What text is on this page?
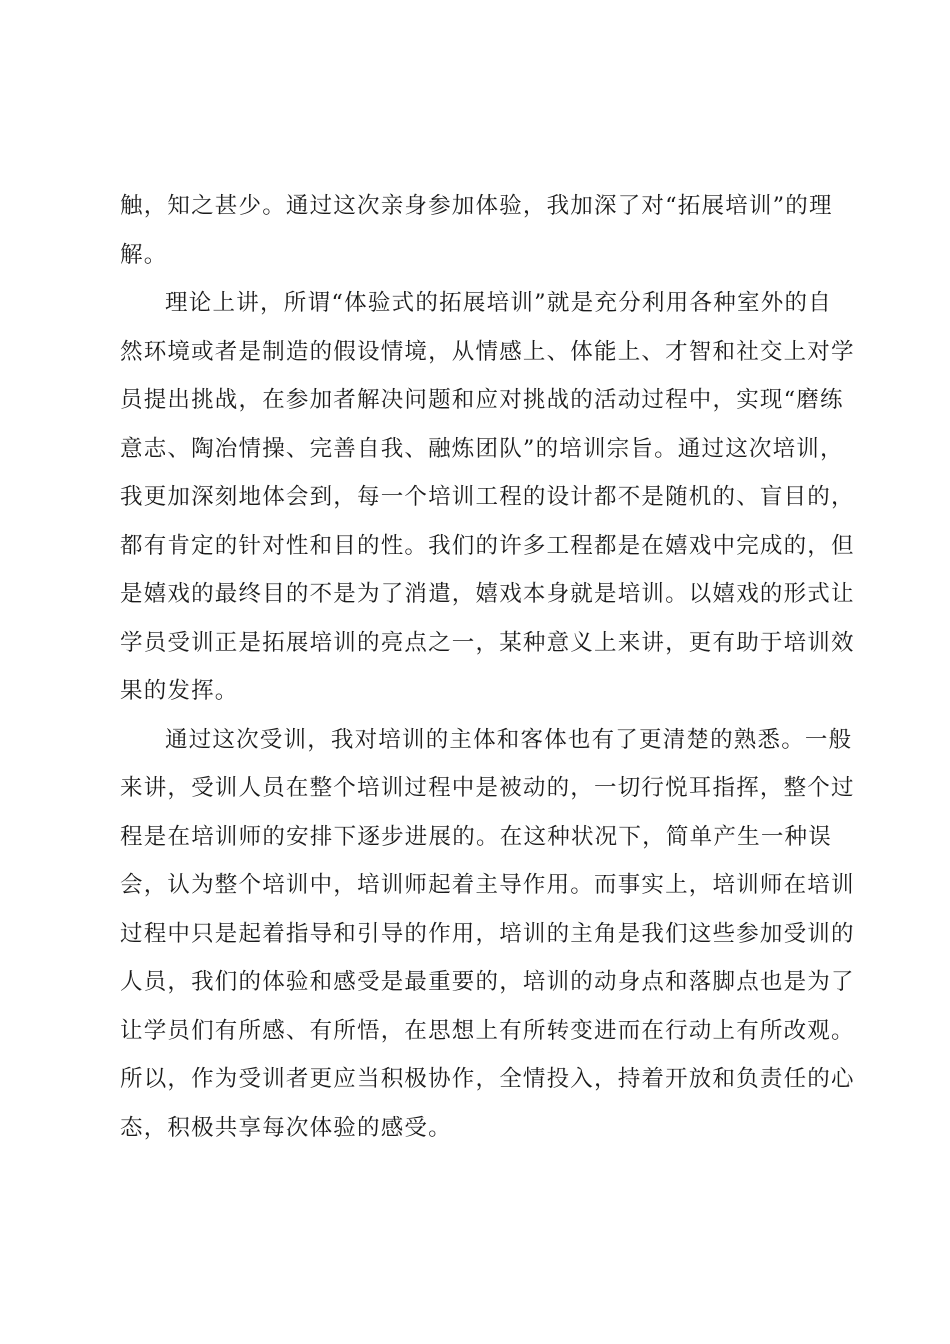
触，知之甚少。通过这次亲身参加体验，我加深了对“拓展培训”的理
解。
理论上讲，所谓“体验式的拓展培训”就是充分利用各种室外的自
然环境或者是制造的假设情境，从情感上、体能上、才智和社交上对学
员提出挑战，在参加者解决问题和应对挑战的活动过程中，实现“磨练
意志、陶冶情操、完善自我、融炼团队”的培训宗旨。通过这次培训，
我更加深刻地体会到，每一个培训工程的设计都不是随机的、盲目的，
都有肯定的针对性和目的性。我们的许多工程都是在嬉戏中完成的，但
是嬉戏的最终目的不是为了消遣，嬉戏本身就是培训。以嬉戏的形式让
学员受训正是拓展培训的亮点之一，某种意义上来讲，更有助于培训效
果的发挥。
通过这次受训，我对培训的主体和客体也有了更清楚的熟悉。一般
来讲，受训人员在整个培训过程中是被动的，一切行悦耳指挥，整个过
程是在培训师的安排下逐步进展的。在这种状况下，简单产生一种误
会，认为整个培训中，培训师起着主导作用。而事实上，培训师在培训
过程中只是起着指导和引导的作用，培训的主角是我们这些参加受训的
人员，我们的体验和感受是最重要的，培训的动身点和落脚点也是为了
让学员们有所感、有所悟，在思想上有所转变进而在行动上有所改观。
所以，作为受训者更应当积极协作，全情投入，持着开放和负责任的心
态，积极共享每次体验的感受。
